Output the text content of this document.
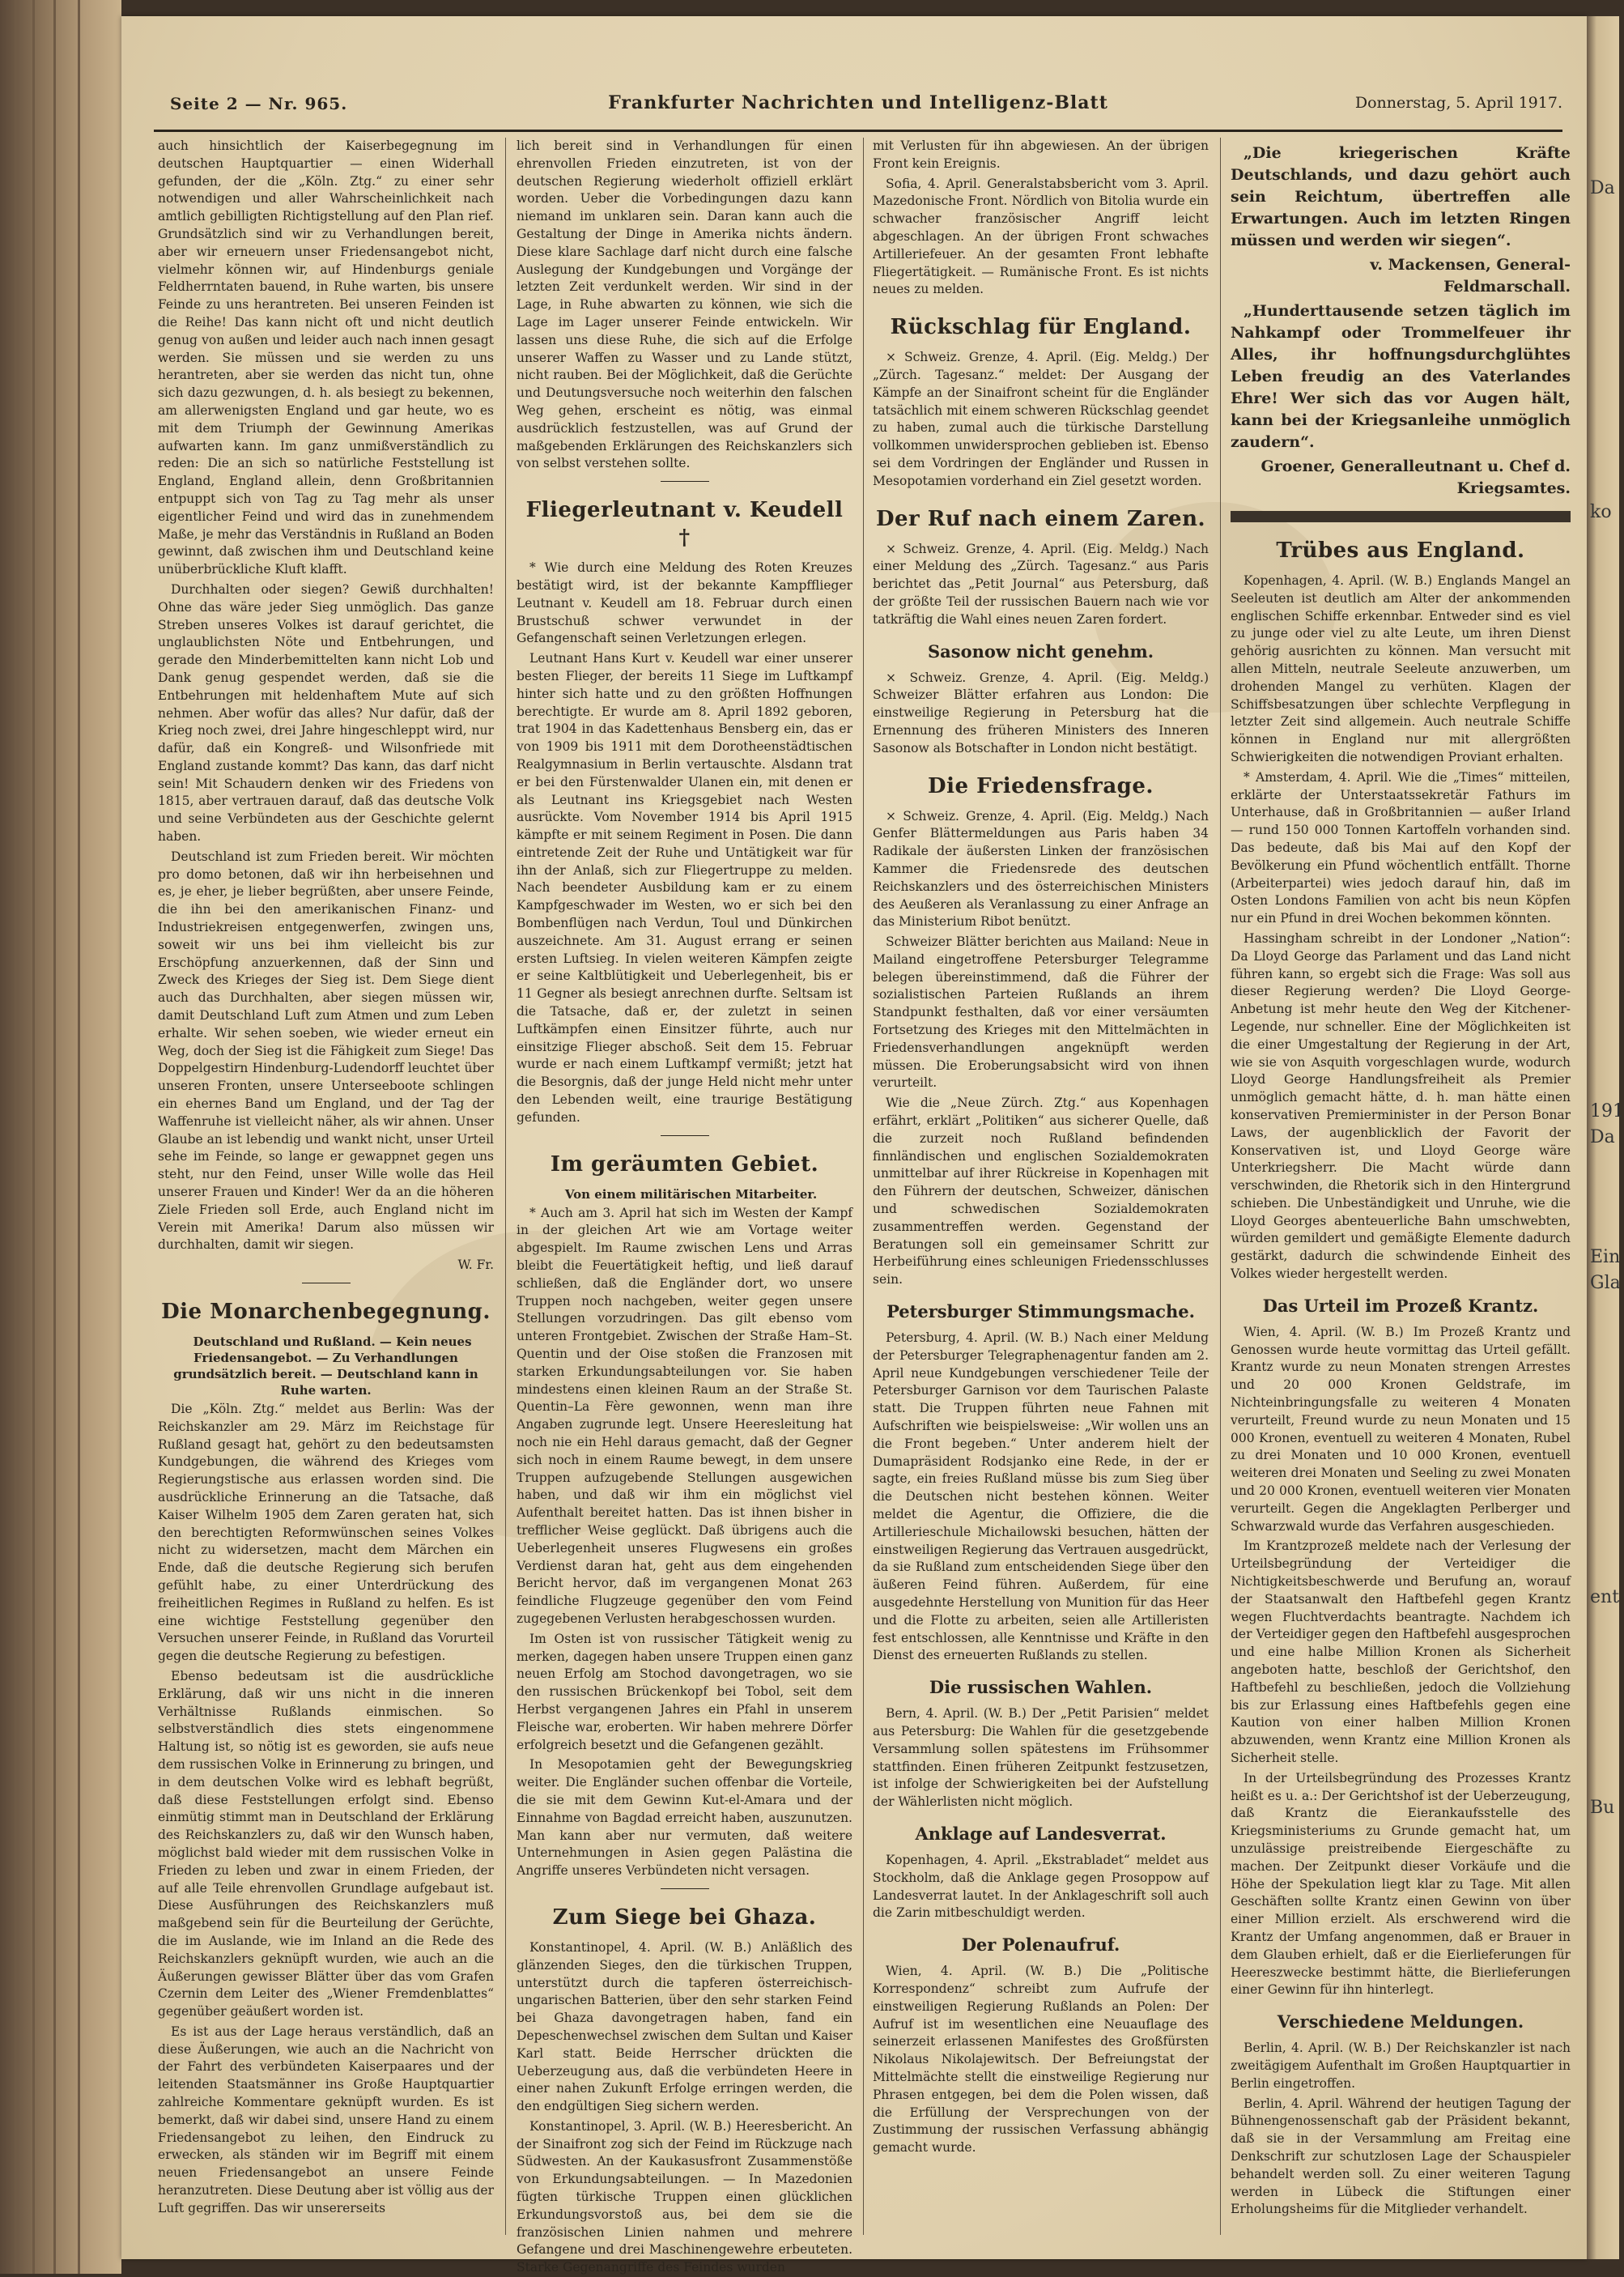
Seite 2 — Nr. 965.	Frankfurter Nachrichten und Intelligenz-Blatt	Donnerstag, 5. April 1917.

auch hinsichtlich der Kaiserbegegnung im deutschen Hauptquartier — einen Widerhall gefunden, der die „Köln. Ztg.“ zu einer sehr notwendigen und aller Wahrscheinlichkeit nach amtlich gebilligten Richtigstellung auf den Plan rief. Grundsätzlich sind wir zu Verhandlungen bereit, aber wir erneuern unser Friedensangebot nicht, vielmehr können wir, auf Hindenburgs geniale Feldherrntaten bauend, in Ruhe warten, bis unsere Feinde zu uns herantreten. Bei unseren Feinden ist die Reihe! Das kann nicht oft und nicht deutlich genug von außen und leider auch nach innen gesagt werden. Sie müssen und sie werden zu uns herantreten, aber sie werden das nicht tun, ohne sich dazu gezwungen, d. h. als besiegt zu bekennen, am allerwenigsten England und gar heute, wo es mit dem Triumph der Gewinnung Amerikas aufwarten kann. Im ganz unmißverständlich zu reden: Die an sich so natürliche Feststellung ist England, England allein, denn Großbritannien entpuppt sich von Tag zu Tag mehr als unser eigentlicher Feind und wird das in zunehmendem Maße, je mehr das Verständnis in Rußland an Boden gewinnt, daß zwischen ihm und Deutschland keine unüberbrückliche Kluft klafft.

Durchhalten oder siegen? Gewiß durchhalten! Ohne das wäre jeder Sieg unmöglich. Das ganze Streben unseres Volkes ist darauf gerichtet, die unglaublichsten Nöte und Entbehrungen, und gerade den Minderbemittelten kann nicht Lob und Dank genug gespendet werden, daß sie die Entbehrungen mit heldenhaftem Mute auf sich nehmen. Aber wofür das alles? Nur dafür, daß der Krieg noch zwei, drei Jahre hingeschleppt wird, nur dafür, daß ein Kongreß- und Wilsonfriede mit England zustande kommt? Das kann, das darf nicht sein! Mit Schaudern denken wir des Friedens von 1815, aber vertrauen darauf, daß das deutsche Volk und seine Verbündeten aus der Geschichte gelernt haben.

Deutschland ist zum Frieden bereit. Wir möchten pro domo betonen, daß wir ihn herbeisehnen und es, je eher, je lieber begrüßten, aber unsere Feinde, die ihn bei den amerikanischen Finanz- und Industriekreisen entgegenwerfen, zwingen uns, soweit wir uns bei ihm vielleicht bis zur Erschöpfung anzuerkennen, daß der Sinn und Zweck des Krieges der Sieg ist. Dem Siege dient auch das Durchhalten, aber siegen müssen wir, damit Deutschland Luft zum Atmen und zum Leben erhalte. Wir sehen soeben, wie wieder erneut ein Weg, doch der Sieg ist die Fähigkeit zum Siege! Das Doppelgestirn Hindenburg-Ludendorff leuchtet über unseren Fronten, unsere Unterseeboote schlingen ein ehernes Band um England, und der Tag der Waffenruhe ist vielleicht näher, als wir ahnen. Unser Glaube an ist lebendig und wankt nicht, unser Urteil sehe im Feinde, so lange er gewappnet gegen uns steht, nur den Feind, unser Wille wolle das Heil unserer Frauen und Kinder! Wer da an die höheren Ziele Frieden soll Erde, auch England nicht im Verein mit Amerika! Darum also müssen wir durchhalten, damit wir siegen.

W. Fr.

Die Monarchenbegegnung.

Deutschland und Rußland. — Kein neues Friedensangebot. — Zu Verhandlungen grundsätzlich bereit. — Deutschland kann in Ruhe warten.

Die „Köln. Ztg.“ meldet aus Berlin: Was der Reichskanzler am 29. März im Reichstage für Rußland gesagt hat, gehört zu den bedeutsamsten Kundgebungen, die während des Krieges vom Regierungstische aus erlassen worden sind. Die ausdrückliche Erinnerung an die Tatsache, daß Kaiser Wilhelm 1905 dem Zaren geraten hat, sich den berechtigten Reformwünschen seines Volkes nicht zu widersetzen, macht dem Märchen ein Ende, daß die deutsche Regierung sich berufen gefühlt habe, zu einer Unterdrückung des freiheitlichen Regimes in Rußland zu helfen. Es ist eine wichtige Feststellung gegenüber den Versuchen unserer Feinde, in Rußland das Vorurteil gegen die deutsche Regierung zu befestigen.

Ebenso bedeutsam ist die ausdrückliche Erklärung, daß wir uns nicht in die inneren Verhältnisse Rußlands einmischen. So selbstverständlich dies stets eingenommene Haltung ist, so nötig ist es geworden, sie aufs neue dem russischen Volke in Erinnerung zu bringen, und in dem deutschen Volke wird es lebhaft begrüßt, daß diese Feststellungen erfolgt sind. Ebenso einmütig stimmt man in Deutschland der Erklärung des Reichskanzlers zu, daß wir den Wunsch haben, möglichst bald wieder mit dem russischen Volke in Frieden zu leben und zwar in einem Frieden, der auf alle Teile ehrenvollen Grundlage aufgebaut ist. Diese Ausführungen des Reichskanzlers muß maßgebend sein für die Beurteilung der Gerüchte, die im Auslande, wie im Inland an die Rede des Reichskanzlers geknüpft wurden, wie auch an die Äußerungen gewisser Blätter über das vom Grafen Czernin dem Leiter des „Wiener Fremdenblattes“ gegenüber geäußert worden ist.

Es ist aus der Lage heraus verständlich, daß an diese Äußerungen, wie auch an die Nachricht von der Fahrt des verbündeten Kaiserpaares und der leitenden Staatsmänner ins Große Hauptquartier zahlreiche Kommentare geknüpft wurden. Es ist bemerkt, daß wir dabei sind, unsere Hand zu einem Friedensangebot zu leihen, den Eindruck zu erwecken, als ständen wir im Begriff mit einem neuen Friedensangebot an unsere Feinde heranzutreten. Diese Deutung aber ist völlig aus der Luft gegriffen. Das wir unsererseits

lich bereit sind in Verhandlungen für einen ehrenvollen Frieden einzutreten, ist von der deutschen Regierung wiederholt offiziell erklärt worden. Ueber die Vorbedingungen dazu kann niemand im unklaren sein. Daran kann auch die Gestaltung der Dinge in Amerika nichts ändern. Diese klare Sachlage darf nicht durch eine falsche Auslegung der Kundgebungen und Vorgänge der letzten Zeit verdunkelt werden. Wir sind in der Lage, in Ruhe abwarten zu können, wie sich die Lage im Lager unserer Feinde entwickeln. Wir lassen uns diese Ruhe, die sich auf die Erfolge unserer Waffen zu Wasser und zu Lande stützt, nicht rauben. Bei der Möglichkeit, daß die Gerüchte und Deutungsversuche noch weiterhin den falschen Weg gehen, erscheint es nötig, was einmal ausdrücklich festzustellen, was auf Grund der maßgebenden Erklärungen des Reichskanzlers sich von selbst verstehen sollte.

Fliegerleutnant v. Keudell †

* Wie durch eine Meldung des Roten Kreuzes bestätigt wird, ist der bekannte Kampfflieger Leutnant v. Keudell am 18. Februar durch einen Brustschuß schwer verwundet in der Gefangenschaft seinen Verletzungen erlegen.

Leutnant Hans Kurt v. Keudell war einer unserer besten Flieger, der bereits 11 Siege im Luftkampf hinter sich hatte und zu den größten Hoffnungen berechtigte. Er wurde am 8. April 1892 geboren, trat 1904 in das Kadettenhaus Bensberg ein, das er von 1909 bis 1911 mit dem Dorotheenstädtischen Realgymnasium in Berlin vertauschte. Alsdann trat er bei den Fürstenwalder Ulanen ein, mit denen er als Leutnant ins Kriegsgebiet nach Westen ausrückte. Vom November 1914 bis April 1915 kämpfte er mit seinem Regiment in Posen. Die dann eintretende Zeit der Ruhe und Untätigkeit war für ihn der Anlaß, sich zur Fliegertruppe zu melden. Nach beendeter Ausbildung kam er zu einem Kampfgeschwader im Westen, wo er sich bei den Bombenflügen nach Verdun, Toul und Dünkirchen auszeichnete. Am 31. August errang er seinen ersten Luftsieg. In vielen weiteren Kämpfen zeigte er seine Kaltblütigkeit und Ueberlegenheit, bis er 11 Gegner als besiegt anrechnen durfte. Seltsam ist die Tatsache, daß er, der zuletzt in seinen Luftkämpfen einen Einsitzer führte, auch nur einsitzige Flieger abschoß. Seit dem 15. Februar wurde er nach einem Luftkampf vermißt; jetzt hat die Besorgnis, daß der junge Held nicht mehr unter den Lebenden weilt, eine traurige Bestätigung gefunden.

Im geräumten Gebiet.

Von einem militärischen Mitarbeiter.

* Auch am 3. April hat sich im Westen der Kampf in der gleichen Art wie am Vortage weiter abgespielt. Im Raume zwischen Lens und Arras bleibt die Feuertätigkeit heftig, und ließ darauf schließen, daß die Engländer dort, wo unsere Truppen noch nachgeben, weiter gegen unsere Stellungen vorzudringen. Das gilt ebenso vom unteren Frontgebiet. Zwischen der Straße Ham–St. Quentin und der Oise stoßen die Franzosen mit starken Erkundungsabteilungen vor. Sie haben mindestens einen kleinen Raum an der Straße St. Quentin–La Fère gewonnen, wenn man ihre Angaben zugrunde legt. Unsere Heeresleitung hat noch nie ein Hehl daraus gemacht, daß der Gegner sich noch in einem Raume bewegt, in dem unsere Truppen aufzugebende Stellungen ausgewichen haben, und daß wir ihm ein möglichst viel Aufenthalt bereitet hatten. Das ist ihnen bisher in trefflicher Weise geglückt. Daß übrigens auch die Ueberlegenheit unseres Flugwesens ein großes Verdienst daran hat, geht aus dem eingehenden Bericht hervor, daß im vergangenen Monat 263 feindliche Flugzeuge gegenüber den vom Feind zugegebenen Verlusten herabgeschossen wurden.

Im Osten ist von russischer Tätigkeit wenig zu merken, dagegen haben unsere Truppen einen ganz neuen Erfolg am Stochod davongetragen, wo sie den russischen Brückenkopf bei Tobol, seit dem Herbst vergangenen Jahres ein Pfahl in unserem Fleische war, eroberten. Wir haben mehrere Dörfer erfolgreich besetzt und die Gefangenen gezählt.

In Mesopotamien geht der Bewegungskrieg weiter. Die Engländer suchen offenbar die Vorteile, die sie mit dem Gewinn Kut-el-Amara und der Einnahme von Bagdad erreicht haben, auszunutzen. Man kann aber nur vermuten, daß weitere Unternehmungen in Asien gegen Palästina die Angriffe unseres Verbündeten nicht versagen.

Zum Siege bei Ghaza.

Konstantinopel, 4. April. (W. B.) Anläßlich des glänzenden Sieges, den die türkischen Truppen, unterstützt durch die tapferen österreichisch-ungarischen Batterien, über den sehr starken Feind bei Ghaza davongetragen haben, fand ein Depeschenwechsel zwischen dem Sultan und Kaiser Karl statt. Beide Herrscher drückten die Ueberzeugung aus, daß die verbündeten Heere in einer nahen Zukunft Erfolge erringen werden, die den endgültigen Sieg sichern werden.

Konstantinopel, 3. April. (W. B.) Heeresbericht. An der Sinaifront zog sich der Feind im Rückzuge nach Südwesten. An der Kaukasusfront Zusammenstöße von Erkundungsabteilungen. — In Mazedonien fügten türkische Truppen einen glücklichen Erkundungsvorstoß aus, bei dem sie die französischen Linien nahmen und mehrere Gefangene und drei Maschinengewehre erbeuteten. Starke Gegenangriffe des Feindes wurden

mit Verlusten für ihn abgewiesen. An der übrigen Front kein Ereignis.

Sofia, 4. April. Generalstabsbericht vom 3. April. Mazedonische Front. Nördlich von Bitolia wurde ein schwacher französischer Angriff leicht abgeschlagen. An der übrigen Front schwaches Artilleriefeuer. An der gesamten Front lebhafte Fliegertätigkeit. — Rumänische Front. Es ist nichts neues zu melden.

Rückschlag für England.

× Schweiz. Grenze, 4. April. (Eig. Meldg.) Der „Zürch. Tagesanz.“ meldet: Der Ausgang der Kämpfe an der Sinaifront scheint für die Engländer tatsächlich mit einem schweren Rückschlag geendet zu haben, zumal auch die türkische Darstellung vollkommen unwidersprochen geblieben ist. Ebenso sei dem Vordringen der Engländer und Russen in Mesopotamien vorderhand ein Ziel gesetzt worden.

Der Ruf nach einem Zaren.

× Schweiz. Grenze, 4. April. (Eig. Meldg.) Nach einer Meldung des „Zürch. Tagesanz.“ aus Paris berichtet das „Petit Journal“ aus Petersburg, daß der größte Teil der russischen Bauern nach wie vor tatkräftig die Wahl eines neuen Zaren fordert.

Sasonow nicht genehm.

× Schweiz. Grenze, 4. April. (Eig. Meldg.) Schweizer Blätter erfahren aus London: Die einstweilige Regierung in Petersburg hat die Ernennung des früheren Ministers des Inneren Sasonow als Botschafter in London nicht bestätigt.

Die Friedensfrage.

× Schweiz. Grenze, 4. April. (Eig. Meldg.) Nach Genfer Blättermeldungen aus Paris haben 34 Radikale der äußersten Linken der französischen Kammer die Friedensrede des deutschen Reichskanzlers und des österreichischen Ministers des Aeußeren als Veranlassung zu einer Anfrage an das Ministerium Ribot benützt.

Schweizer Blätter berichten aus Mailand: Neue in Mailand eingetroffene Petersburger Telegramme belegen übereinstimmend, daß die Führer der sozialistischen Parteien Rußlands an ihrem Standpunkt festhalten, daß vor einer versäumten Fortsetzung des Krieges mit den Mittelmächten in Friedensverhandlungen angeknüpft werden müssen. Die Eroberungsabsicht wird von ihnen verurteilt.

Wie die „Neue Zürch. Ztg.“ aus Kopenhagen erfährt, erklärt „Politiken“ aus sicherer Quelle, daß die zurzeit noch Rußland befindenden finnländischen und englischen Sozialdemokraten unmittelbar auf ihrer Rückreise in Kopenhagen mit den Führern der deutschen, Schweizer, dänischen und schwedischen Sozialdemokraten zusammentreffen werden. Gegenstand der Beratungen soll ein gemeinsamer Schritt zur Herbeiführung eines schleunigen Friedensschlusses sein.

Petersburger Stimmungsmache.

Petersburg, 4. April. (W. B.) Nach einer Meldung der Petersburger Telegraphenagentur fanden am 2. April neue Kundgebungen verschiedener Teile der Petersburger Garnison vor dem Taurischen Palaste statt. Die Truppen führten neue Fahnen mit Aufschriften wie beispielsweise: „Wir wollen uns an die Front begeben.“ Unter anderem hielt der Dumapräsident Rodsjanko eine Rede, in der er sagte, ein freies Rußland müsse bis zum Sieg über die Deutschen nicht bestehen können. Weiter meldet die Agentur, die Offiziere, die die Artillerieschule Michailowski besuchen, hätten der einstweiligen Regierung das Vertrauen ausgedrückt, da sie Rußland zum entscheidenden Siege über den äußeren Feind führen. Außerdem, für eine ausgedehnte Herstellung von Munition für das Heer und die Flotte zu arbeiten, seien alle Artilleristen fest entschlossen, alle Kenntnisse und Kräfte in den Dienst des erneuerten Rußlands zu stellen.

Die russischen Wahlen.

Bern, 4. April. (W. B.) Der „Petit Parisien“ meldet aus Petersburg: Die Wahlen für die gesetzgebende Versammlung sollen spätestens im Frühsommer stattfinden. Einen früheren Zeitpunkt festzusetzen, ist infolge der Schwierigkeiten bei der Aufstellung der Wählerlisten nicht möglich.

Anklage auf Landesverrat.

Kopenhagen, 4. April. „Ekstrabladet“ meldet aus Stockholm, daß die Anklage gegen Prosoppow auf Landesverrat lautet. In der Anklageschrift soll auch die Zarin mitbeschuldigt werden.

Der Polenaufruf.

Wien, 4. April. (W. B.) Die „Politische Korrespondenz“ schreibt zum Aufrufe der einstweiligen Regierung Rußlands an Polen: Der Aufruf ist im wesentlichen eine Neuauflage des seinerzeit erlassenen Manifestes des Großfürsten Nikolaus Nikolajewitsch. Der Befreiungstat der Mittelmächte stellt die einstweilige Regierung nur Phrasen entgegen, bei dem die Polen wissen, daß die Erfüllung der Versprechungen von der Zustimmung der russischen Verfassung abhängig gemacht wurde.

„Die kriegerischen Kräfte Deutschlands, und dazu gehört auch sein Reichtum, übertreffen alle Erwartungen. Auch im letzten Ringen müssen und werden wir siegen“.

v. Mackensen, General-Feldmarschall.

„Hunderttausende setzen täglich im Nahkampf oder Trommelfeuer ihr Alles, ihr hoffnungsdurchglühtes Leben freudig an des Vaterlandes Ehre! Wer sich das vor Augen hält, kann bei der Kriegsanleihe unmöglich zaudern“.

Groener, Generalleutnant u. Chef d. Kriegsamtes.

Trübes aus England.

Kopenhagen, 4. April. (W. B.) Englands Mangel an Seeleuten ist deutlich am Alter der ankommenden englischen Schiffe erkennbar. Entweder sind es viel zu junge oder viel zu alte Leute, um ihren Dienst gehörig ausrichten zu können. Man versucht mit allen Mitteln, neutrale Seeleute anzuwerben, um drohenden Mangel zu verhüten. Klagen der Schiffsbesatzungen über schlechte Verpflegung in letzter Zeit sind allgemein. Auch neutrale Schiffe können in England nur mit allergrößten Schwierigkeiten die notwendigen Proviant erhalten.

* Amsterdam, 4. April. Wie die „Times“ mitteilen, erklärte der Unterstaatssekretär Fathurs im Unterhause, daß in Großbritannien — außer Irland — rund 150 000 Tonnen Kartoffeln vorhanden sind. Das bedeute, daß bis Mai auf den Kopf der Bevölkerung ein Pfund wöchentlich entfällt. Thorne (Arbeiterpartei) wies jedoch darauf hin, daß im Osten Londons Familien von acht bis neun Köpfen nur ein Pfund in drei Wochen bekommen könnten.

Hassingham schreibt in der Londoner „Nation“: Da Lloyd George das Parlament und das Land nicht führen kann, so ergebt sich die Frage: Was soll aus dieser Regierung werden? Die Lloyd George-Anbetung ist mehr heute den Weg der Kitchener-Legende, nur schneller. Eine der Möglichkeiten ist die einer Umgestaltung der Regierung in der Art, wie sie von Asquith vorgeschlagen wurde, wodurch Lloyd George Handlungsfreiheit als Premier unmöglich gemacht hätte, d. h. man hätte einen konservativen Premierminister in der Person Bonar Laws, der augenblicklich der Favorit der Konservativen ist, und Lloyd George wäre Unterkriegsherr. Die Macht würde dann verschwinden, die Rhetorik sich in den Hintergrund schieben. Die Unbeständigkeit und Unruhe, wie die Lloyd Georges abenteuerliche Bahn umschwebten, würden gemildert und gemäßigte Elemente dadurch gestärkt, dadurch die schwindende Einheit des Volkes wieder hergestellt werden.

Das Urteil im Prozeß Krantz.

Wien, 4. April. (W. B.) Im Prozeß Krantz und Genossen wurde heute vormittag das Urteil gefällt. Krantz wurde zu neun Monaten strengen Arrestes und 20 000 Kronen Geldstrafe, im Nichteinbringungsfalle zu weiteren 4 Monaten verurteilt, Freund wurde zu neun Monaten und 15 000 Kronen, eventuell zu weiteren 4 Monaten, Rubel zu drei Monaten und 10 000 Kronen, eventuell weiteren drei Monaten und Seeling zu zwei Monaten und 20 000 Kronen, eventuell weiteren vier Monaten verurteilt. Gegen die Angeklagten Perlberger und Schwarzwald wurde das Verfahren ausgeschieden.

Im Krantzprozeß meldete nach der Verlesung der Urteilsbegründung der Verteidiger die Nichtigkeitsbeschwerde und Berufung an, worauf der Staatsanwalt den Haftbefehl gegen Krantz wegen Fluchtverdachts beantragte. Nachdem ich der Verteidiger gegen den Haftbefehl ausgesprochen und eine halbe Million Kronen als Sicherheit angeboten hatte, beschloß der Gerichtshof, den Haftbefehl zu beschließen, jedoch die Vollziehung bis zur Erlassung eines Haftbefehls gegen eine Kaution von einer halben Million Kronen abzuwenden, wenn Krantz eine Million Kronen als Sicherheit stelle.

In der Urteilsbegründung des Prozesses Krantz heißt es u. a.: Der Gerichtshof ist der Ueberzeugung, daß Krantz die Eierankaufsstelle des Kriegsministeriums zu Grunde gemacht hat, um unzulässige preistreibende Eiergeschäfte zu machen. Der Zeitpunkt dieser Vorkäufe und die Höhe der Spekulation liegt klar zu Tage. Mit allen Geschäften sollte Krantz einen Gewinn von über einer Million erzielt. Als erschwerend wird die Krantz der Umfang angenommen, daß er Brauer in dem Glauben erhielt, daß er die Eierlieferungen für Heereszwecke bestimmt hätte, die Bierlieferungen einer Gewinn für ihn hinterlegt.

Verschiedene Meldungen.

Berlin, 4. April. (W. B.) Der Reichskanzler ist nach zweitägigem Aufenthalt im Großen Hauptquartier in Berlin eingetroffen.

Berlin, 4. April. Während der heutigen Tagung der Bühnengenossenschaft gab der Präsident bekannt, daß sie in der Versammlung am Freitag eine Denkschrift zur schutzlosen Lage der Schauspieler behandelt werden soll. Zu einer weiteren Tagung werden in Lübeck die Stiftungen einer Erholungsheims für die Mitglieder verhandelt.

Da
ko
191
Da
Ein
Gla
ent
Bu
